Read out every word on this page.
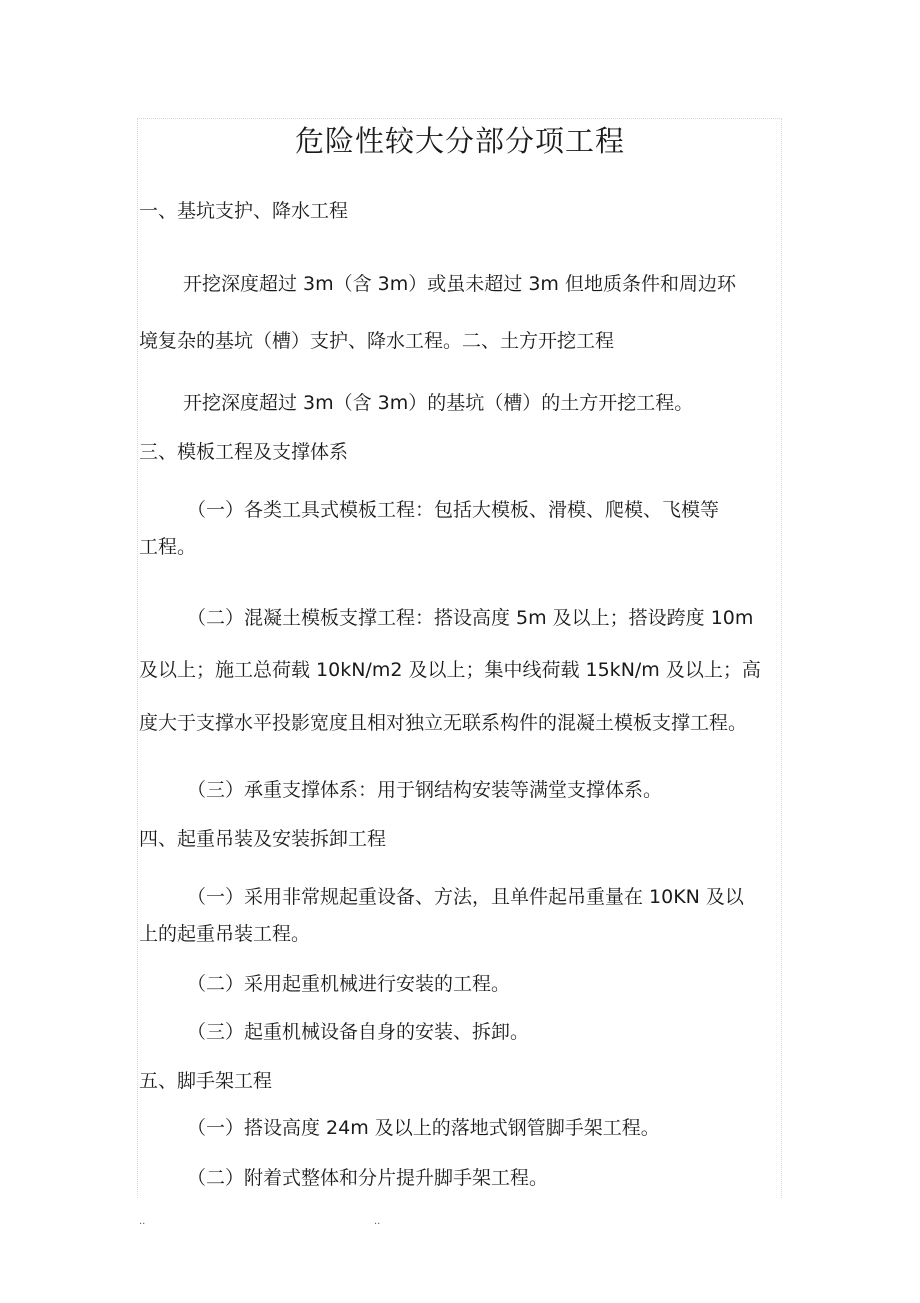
危险性较大分部分项工程
一、基坑支护、降水工程
开挖深度超过 3m（含 3m）或虽未超过 3m 但地质条件和周边环
境复杂的基坑（槽）支护、降水工程。二、土方开挖工程
开挖深度超过 3m（含 3m）的基坑（槽）的土方开挖工程。
三、模板工程及支撑体系
（一）各类工具式模板工程：包括大模板、滑模、爬模、飞模等
工程。
（二）混凝土模板支撑工程：搭设高度 5m 及以上；搭设跨度 10m
及以上；施工总荷载 10kN/m2 及以上；集中线荷载 15kN/m 及以上；高
度大于支撑水平投影宽度且相对独立无联系构件的混凝土模板支撑工程。
（三）承重支撑体系：用于钢结构安装等满堂支撑体系。
四、起重吊装及安装拆卸工程
（一）采用非常规起重设备、方法，且单件起吊重量在 10KN 及以
上的起重吊装工程。
（二）采用起重机械进行安装的工程。
（三）起重机械设备自身的安装、拆卸。
五、脚手架工程
（一）搭设高度 24m 及以上的落地式钢管脚手架工程。
（二）附着式整体和分片提升脚手架工程。
..	..
